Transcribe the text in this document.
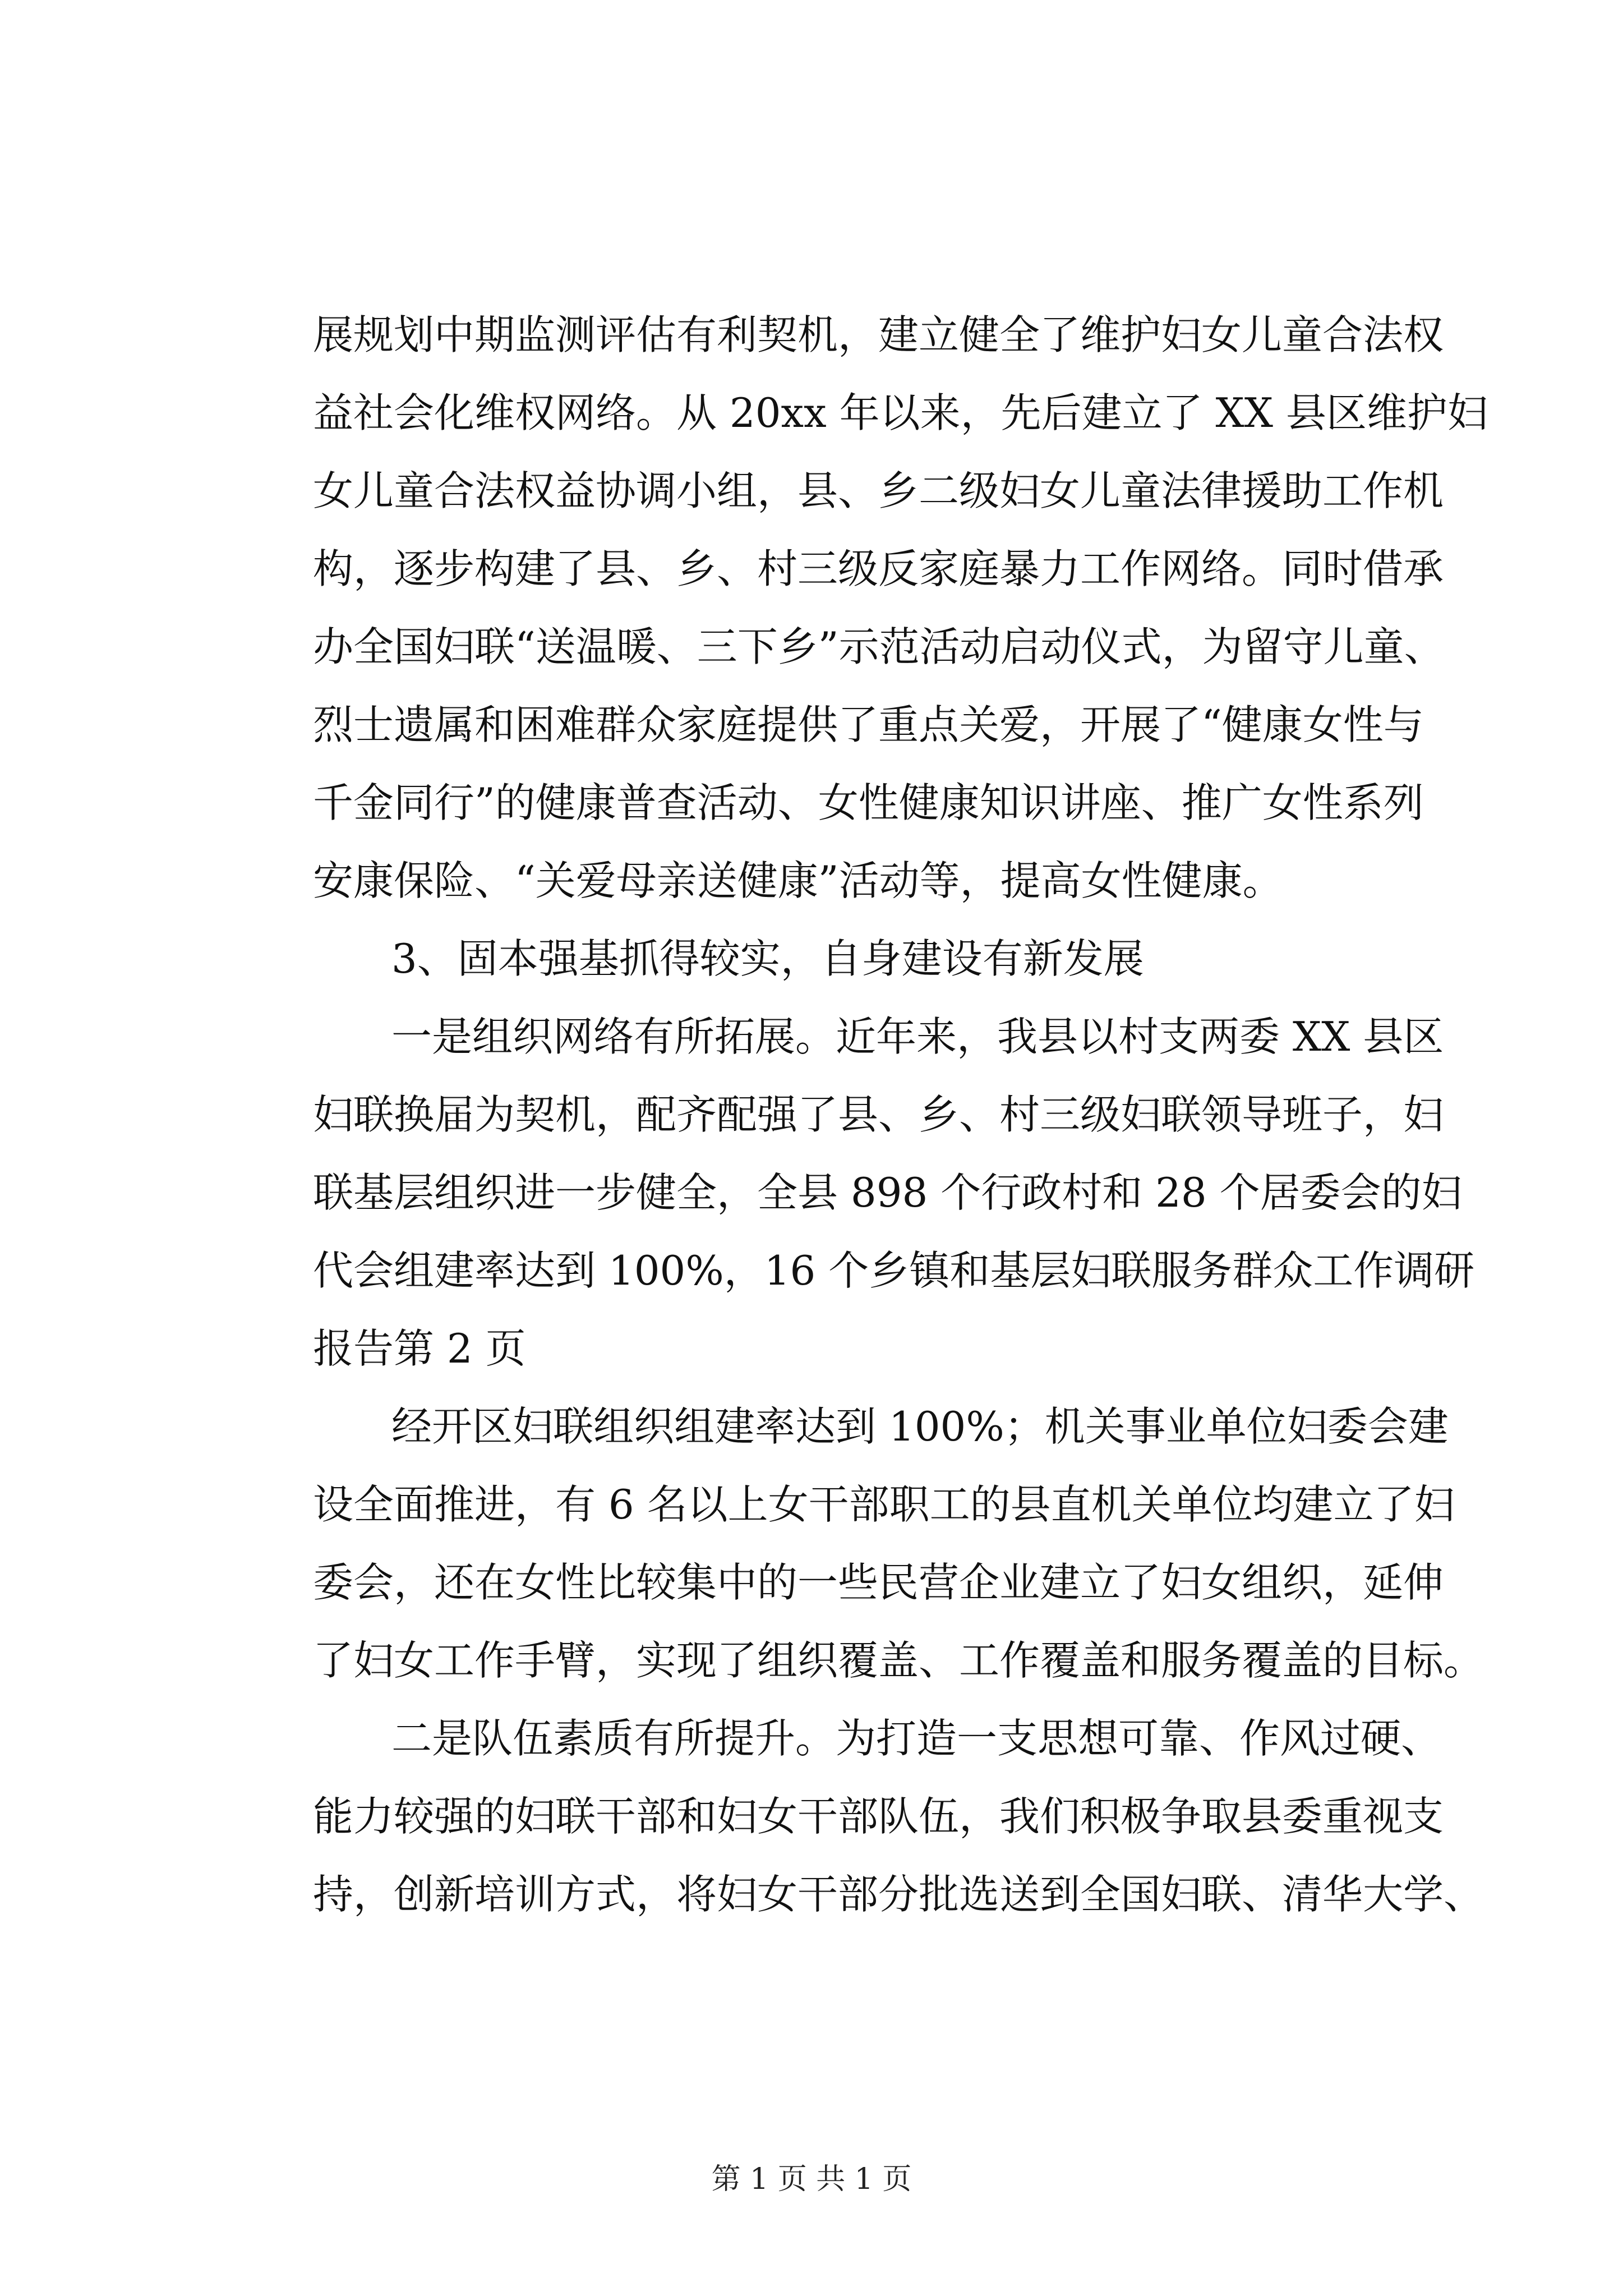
展规划中期监测评估有利契机，建立健全了维护妇女儿童合法权
益社会化维权网络。从 20xx 年以来，先后建立了 XX 县区维护妇
女儿童合法权益协调小组，县、乡二级妇女儿童法律援助工作机
构，逐步构建了县、乡、村三级反家庭暴力工作网络。同时借承
办全国妇联“送温暖、三下乡”示范活动启动仪式，为留守儿童、
烈士遗属和困难群众家庭提供了重点关爱，开展了“健康女性与
千金同行”的健康普查活动、女性健康知识讲座、推广女性系列
安康保险、“关爱母亲送健康”活动等，提高女性健康。
3、固本强基抓得较实，自身建设有新发展
一是组织网络有所拓展。近年来，我县以村支两委 XX 县区
妇联换届为契机，配齐配强了县、乡、村三级妇联领导班子，妇
联基层组织进一步健全，全县 898 个行政村和 28 个居委会的妇
代会组建率达到 100%，16 个乡镇和基层妇联服务群众工作调研
报告第 2 页
经开区妇联组织组建率达到 100%；机关事业单位妇委会建
设全面推进，有 6 名以上女干部职工的县直机关单位均建立了妇
委会，还在女性比较集中的一些民营企业建立了妇女组织，延伸
了妇女工作手臂，实现了组织覆盖、工作覆盖和服务覆盖的目标。
二是队伍素质有所提升。为打造一支思想可靠、作风过硬、
能力较强的妇联干部和妇女干部队伍，我们积极争取县委重视支
持，创新培训方式，将妇女干部分批选送到全国妇联、清华大学、
第 1 页 共 1 页
